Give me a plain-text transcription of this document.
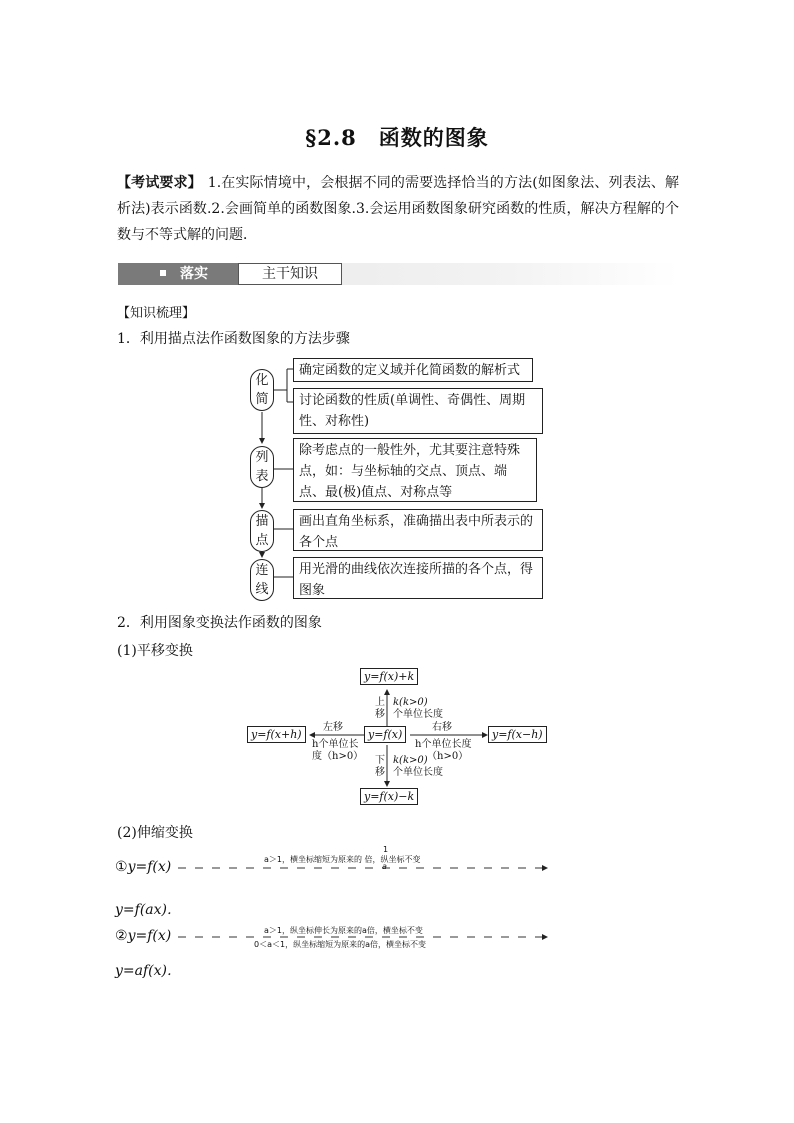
§2.8　函数的图象
【考试要求】 1.在实际情境中，会根据不同的需要选择恰当的方法(如图象法、列表法、解析法)表示函数.2.会画简单的函数图象.3.会运用函数图象研究函数的性质，解决方程解的个数与不等式解的问题．
落实	主干知识
【知识梳理】
1．利用描点法作函数图象的方法步骤
化
简
列
表
描
点
连
线
确定函数的定义域并化简函数的解析式
讨论函数的性质(单调性、奇偶性、周期性、对称性)
除考虑点的一般性外，尤其要注意特殊点，如：与坐标轴的交点、顶点、端点、最(极)值点、对称点等
画出直角坐标系，准确描出表中所表示的各个点
用光滑的曲线依次连接所描的各个点，得图象
2．利用图象变换法作函数的图象
(1)平移变换
y=f(x)+k
y=f(x)
y=f(x)−k
y=f(x+h)	y=f(x−h)
上
移
k(k>0)
个单位长度
下
移
k(k>0)
个单位长度
左移
h个单位长
度（h>0）
右移
h个单位长度
（h>0）
(2)伸缩变换
①y=f(x)	a＞1，横坐标缩短为原来的 倍，纵坐标不变
1
a
y=f(ax)．
②y=f(x)	a＞1，纵坐标伸长为原来的a倍，横坐标不变
0＜a＜1，纵坐标缩短为原来的a倍，横坐标不变
y=af(x)．
